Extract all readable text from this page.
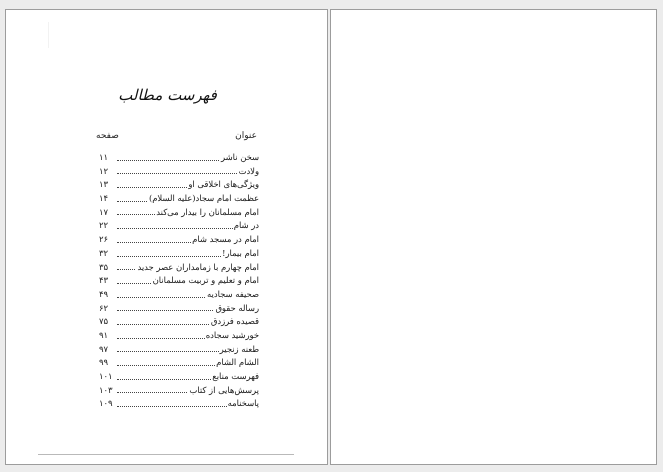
فهرست مطالب
عنوان
صفحه
سخن ناشر
۱۱
ولادت
۱۲
ویژگی‌های اخلاقی او
۱۳
عظمت امام سجاد(علیه السلام)
۱۴
امام مسلمانان را بیدار می‌کند
۱۷
در شام
۲۲
امام در مسجد شام
۲۶
امام بیمار!
۳۲
امام چهارم با زمامداران عصر جدید
۳۵
امام و تعلیم و تربیت مسلمانان
۴۳
صحیفه سجادیه
۴۹
رساله حقوق
۶۲
قصیده فرزدق
۷۵
خورشید سجاده
۹۱
طعنه زنجیر
۹۷
الشام الشام
۹۹
فهرست منابع
۱۰۱
پرسش‌هایی از کتاب
۱۰۳
پاسخنامه
۱۰۹
